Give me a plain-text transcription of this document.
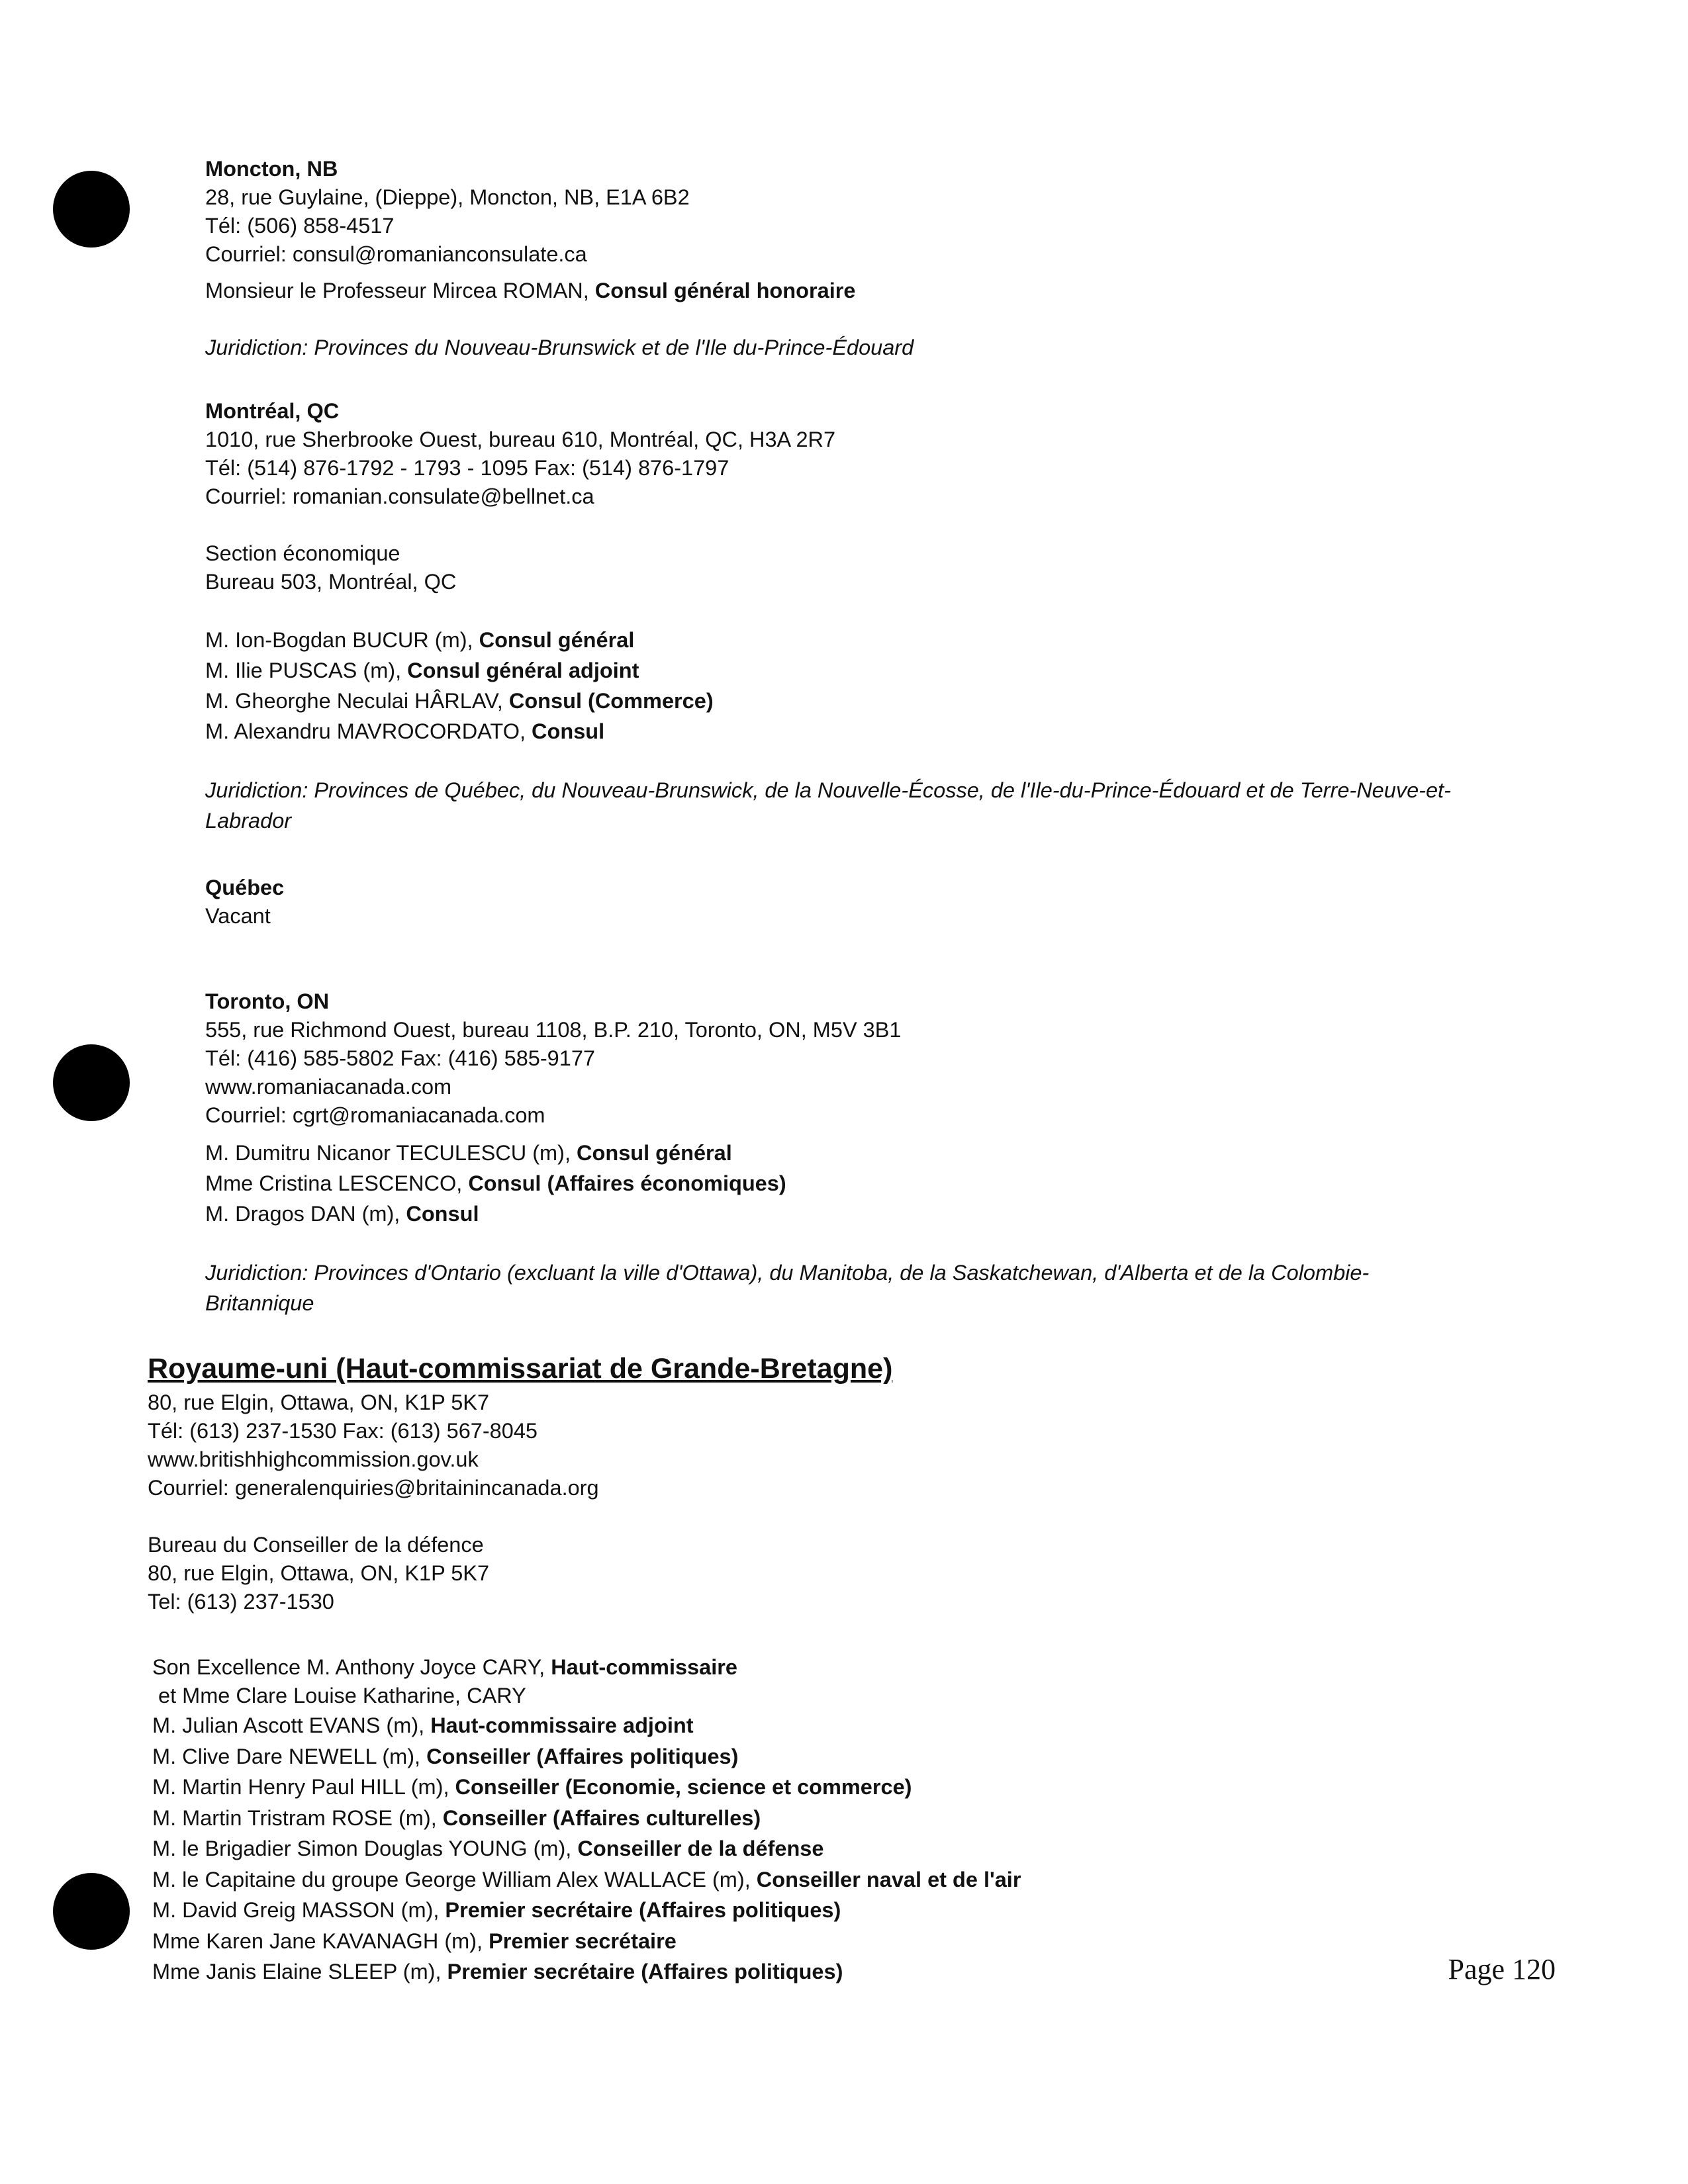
Moncton, NB
28, rue Guylaine, (Dieppe), Moncton, NB, E1A 6B2
Tél: (506) 858-4517
Courriel: consul@romanianconsulate.ca
Monsieur le Professeur Mircea ROMAN, Consul général honoraire
Juridiction: Provinces du Nouveau-Brunswick et de l'Ile du-Prince-Édouard
Montréal, QC
1010, rue Sherbrooke Ouest, bureau 610, Montréal, QC, H3A 2R7
Tél: (514) 876-1792 - 1793 - 1095 Fax: (514) 876-1797
Courriel: romanian.consulate@bellnet.ca
Section économique
Bureau 503, Montréal, QC
M. Ion-Bogdan BUCUR (m), Consul général
M. Ilie PUSCAS (m), Consul général adjoint
M. Gheorghe Neculai HÂRLAV, Consul (Commerce)
M. Alexandru MAVROCORDATO, Consul
Juridiction: Provinces de Québec, du Nouveau-Brunswick, de la Nouvelle-Écosse, de l'Ile-du-Prince-Édouard et de Terre-Neuve-et-Labrador
Québec
Vacant
Toronto, ON
555, rue Richmond Ouest, bureau 1108, B.P. 210, Toronto, ON, M5V 3B1
Tél: (416) 585-5802 Fax: (416) 585-9177
www.romaniacanada.com
Courriel: cgrt@romaniacanada.com
M. Dumitru Nicanor TECULESCU (m), Consul général
Mme Cristina LESCENCO, Consul (Affaires économiques)
M. Dragos DAN (m), Consul
Juridiction: Provinces d'Ontario (excluant la ville d'Ottawa), du Manitoba, de la Saskatchewan, d'Alberta et de la Colombie-Britannique
Royaume-uni (Haut-commissariat de Grande-Bretagne)
80, rue Elgin, Ottawa, ON, K1P 5K7
Tél: (613) 237-1530 Fax: (613) 567-8045
www.britishhighcommission.gov.uk
Courriel: generalenquiries@britainincanada.org
Bureau du Conseiller de la défence
80, rue Elgin, Ottawa, ON, K1P 5K7
Tel: (613) 237-1530
Son Excellence M. Anthony Joyce CARY, Haut-commissaire
et Mme Clare Louise Katharine, CARY
M. Julian Ascott EVANS (m), Haut-commissaire adjoint
M. Clive Dare NEWELL (m), Conseiller (Affaires politiques)
M. Martin Henry Paul HILL (m), Conseiller (Economie, science et commerce)
M. Martin Tristram ROSE (m), Conseiller (Affaires culturelles)
M. le Brigadier Simon Douglas YOUNG (m), Conseiller de la défense
M. le Capitaine du groupe George William Alex WALLACE (m), Conseiller naval et de l'air
M. David Greig MASSON (m), Premier secrétaire (Affaires politiques)
Mme Karen Jane KAVANAGH (m), Premier secrétaire
Mme Janis Elaine SLEEP (m), Premier secrétaire (Affaires politiques)	Page 120
